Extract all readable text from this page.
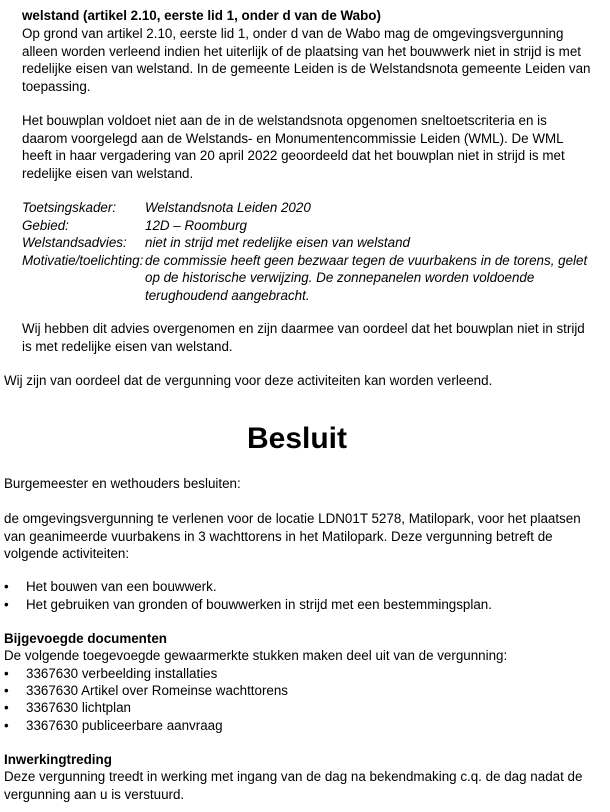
welstand (artikel 2.10, eerste lid 1, onder d van de Wabo)

Op grond van artikel 2.10, eerste lid 1, onder d van de Wabo mag de omgevingsvergunning

alleen worden verleend indien het uiterlijk of de plaatsing van het bouwwerk niet in strijd is met

redelijke eisen van welstand. In de gemeente Leiden is de Welstandsnota gemeente Leiden van

toepassing.

Het bouwplan voldoet niet aan de in de welstandsnota opgenomen sneltoetscriteria en is

daarom voorgelegd aan de Welstands- en Monumentencommissie Leiden (WML). De WML

heeft in haar vergadering van 20 april 2022 geoordeeld dat het bouwplan niet in strijd is met

redelijke eisen van welstand.

Toetsingskader: Welstandsnota Leiden 2020
Gebied:	12D – Roomburg
Welstandsadvies: niet in strijd met redelijke eisen van welstand
Motivatie/toelichting: de commissie heeft geen bezwaar tegen de vuurbakens in de torens, gelet

op de historische verwijzing. De zonnepanelen worden voldoende

terughoudend aangebracht.

Wij hebben dit advies overgenomen en zijn daarmee van oordeel dat het bouwplan niet in strijd

is met redelijke eisen van welstand.

Wij zijn van oordeel dat de vergunning voor deze activiteiten kan worden verleend.
Besluit
Burgemeester en wethouders besluiten:

de omgevingsvergunning te verlenen voor de locatie LDN01T 5278, Matilopark, voor het plaatsen

van geanimeerde vuurbakens in 3 wachttorens in het Matilopark. Deze vergunning betreft de

volgende activiteiten:

• Het bouwen van een bouwwerk.
• Het gebruiken van gronden of bouwwerken in strijd met een bestemmingsplan.
Bijgevoegde documenten
De volgende toegevoegde gewaarmerkte stukken maken deel uit van de vergunning:
• 3367630 verbeelding installaties
• 3367630 Artikel over Romeinse wachttorens
• 3367630 lichtplan
• 3367630 publiceerbare aanvraag
Inwerkingtreding

Deze vergunning treedt in werking met ingang van de dag na bekendmaking c.q. de dag nadat de

vergunning aan u is verstuurd.
